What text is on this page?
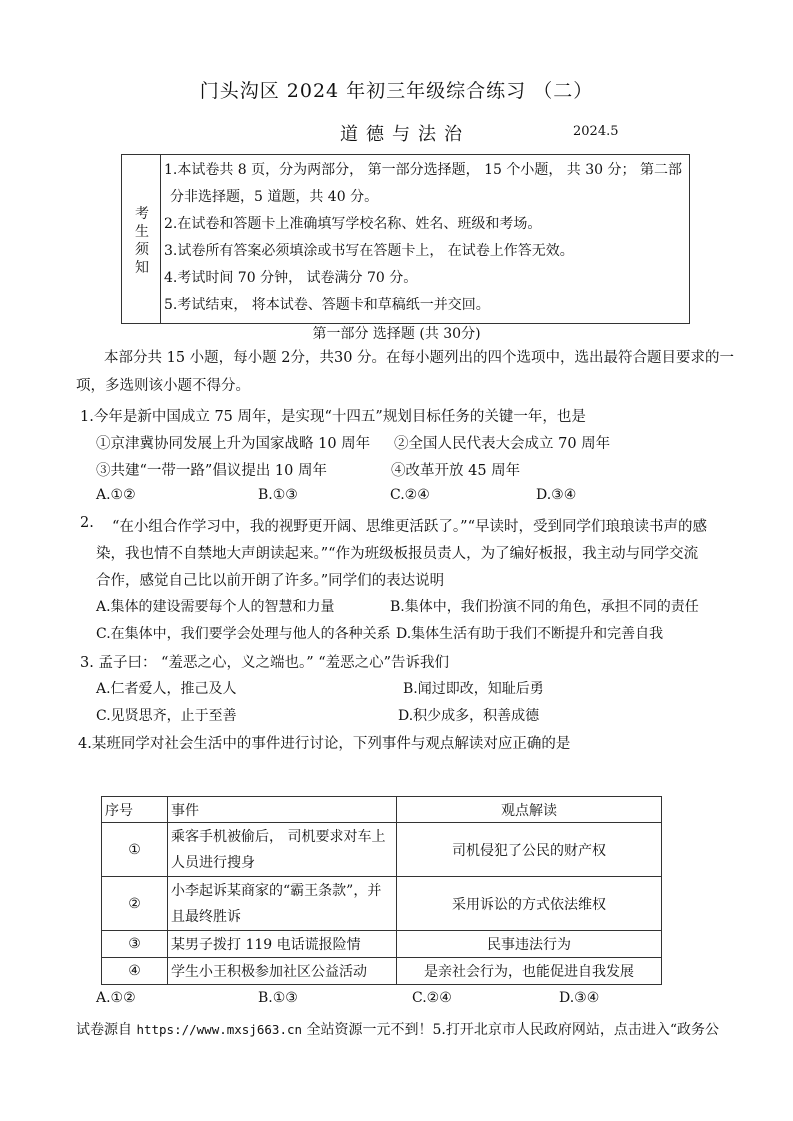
门头沟区 2024 年初三年级综合练习 （二）
道德与法治	2024.5
考生须知
1.本试卷共 8 页，分为两部分， 第一部分选择题， 15 个小题， 共 30 分； 第二部
分非选择题，5 道题，共 40 分。
2.在试卷和答题卡上准确填写学校名称、姓名、班级和考场。
3.试卷所有答案必须填涂或书写在答题卡上， 在试卷上作答无效。
4.考试时间 70 分钟， 试卷满分 70 分。
5.考试结束， 将本试卷、答题卡和草稿纸一并交回。
第一部分 选择题 (共 30分)
本部分共 15 小题，每小题 2分，共30 分。在每小题列出的四个选项中，选出最符合题目要求的一
项，多选则该小题不得分。
1.今年是新中国成立 75 周年，是实现“十四五”规划目标任务的关键一年，也是
①京津冀协同发展上升为国家战略 10 周年 ②全国人民代表大会成立 70 周年
③共建“一带一路”倡议提出 10 周年	④改革开放 45 周年
A.①②	B.①③	C.②④	D.③④
2. “在小组合作学习中，我的视野更开阔、思维更活跃了。”“早读时，受到同学们琅琅读书声的感
染，我也情不自禁地大声朗读起来。”“作为班级板报员责人，为了编好板报，我主动与同学交流
合作，感觉自己比以前开朗了许多。”同学们的表达说明
A.集体的建设需要每个人的智慧和力量	B.集体中，我们扮演不同的角色，承担不同的责任
C.在集体中，我们要学会处理与他人的各种关系 D.集体生活有助于我们不断提升和完善自我
3. 孟子曰： “羞恶之心，义之端也。” “羞恶之心”告诉我们
A.仁者爱人，推己及人	B.闻过即改，知耻后勇
C.见贤思齐，止于至善	D.积少成多，积善成德
4.某班同学对社会生活中的事件进行讨论，下列事件与观点解读对应正确的是
序号	事件	观点解读
①	乘客手机被偷后， 司机要求对车上
人员进行搜身	司机侵犯了公民的财产权
②	小李起诉某商家的“霸王条款”，并
且最终胜诉	采用诉讼的方式依法维权
③	某男子拨打 119 电话谎报险情	民事违法行为
④	学生小王积极参加社区公益活动	是亲社会行为，也能促进自我发展
A.①②	B.①③	C.②④	D.③④
试卷源自 https://www.mxsj663.cn 全站资源一元不到！5.打开北京市人民政府网站，点击进入“政务公
